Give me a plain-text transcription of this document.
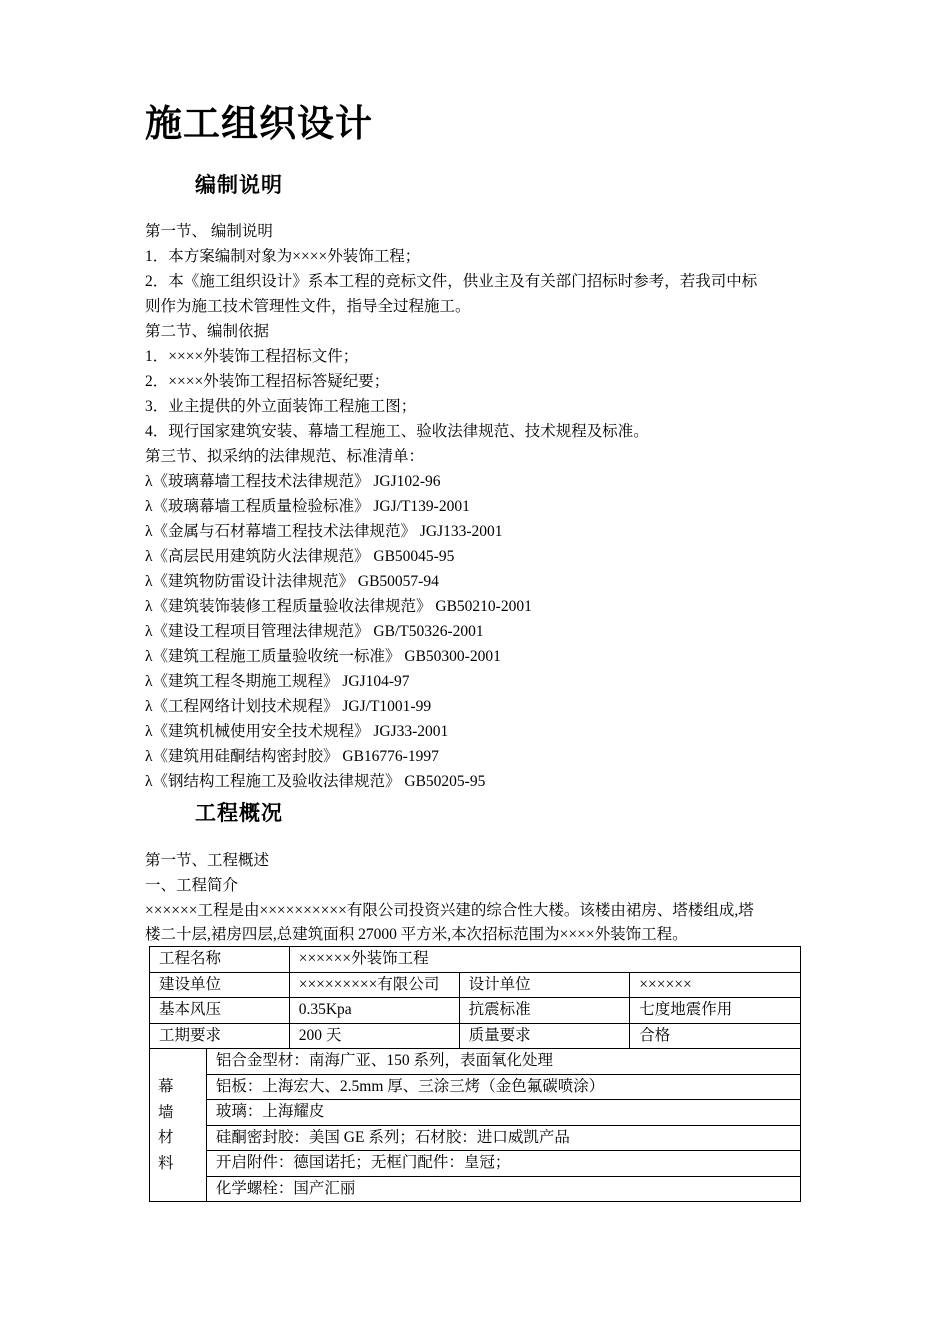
施工组织设计
编制说明
第一节、 编制说明
1．本方案编制对象为××××外装饰工程；
2．本《施工组织设计》系本工程的竞标文件，供业主及有关部门招标时参考，若我司中标
则作为施工技术管理性文件，指导全过程施工。
第二节、编制依据
1．××××外装饰工程招标文件；
2．××××外装饰工程招标答疑纪要；
3．业主提供的外立面装饰工程施工图；
4．现行国家建筑安装、幕墙工程施工、验收法律规范、技术规程及标准。
第三节、拟采纳的法律规范、标准清单：
λ《玻璃幕墙工程技术法律规范》 JGJ102-96
λ《玻璃幕墙工程质量检验标准》 JGJ/T139-2001
λ《金属与石材幕墙工程技术法律规范》 JGJ133-2001
λ《高层民用建筑防火法律规范》 GB50045-95
λ《建筑物防雷设计法律规范》 GB50057-94
λ《建筑装饰装修工程质量验收法律规范》 GB50210-2001
λ《建设工程项目管理法律规范》 GB/T50326-2001
λ《建筑工程施工质量验收统一标准》 GB50300-2001
λ《建筑工程冬期施工规程》 JGJ104-97
λ《工程网络计划技术规程》 JGJ/T1001-99
λ《建筑机械使用安全技术规程》 JGJ33-2001
λ《建筑用硅酮结构密封胶》 GB16776-1997
λ《钢结构工程施工及验收法律规范》 GB50205-95
工程概况
第一节、工程概述
一、工程简介
××××××工程是由××××××××××有限公司投资兴建的综合性大楼。该楼由裙房、塔楼组成,塔
楼二十层,裙房四层,总建筑面积 27000 平方米,本次招标范围为××××外装饰工程。
工程名称		××××××外装饰工程		
建设单位		×××××××××有限公司	设计单位	××××××
基本风压		0.35Kpa	抗震标准	七度地震作用
工期要求		200 天	质量要求	合格

幕
墙
材
料	铝合金型材：南海广亚、150 系列，表面氧化处理			
	铝板：上海宏大、2.5mm 厚、三涂三烤（金色氟碳喷涂）			
	玻璃：上海耀皮			
	硅酮密封胶：美国 GE 系列；石材胶：进口威凯产品			
	开启附件：德国诺托；无框门配件：皇冠；			
	化学螺栓：国产汇丽			
